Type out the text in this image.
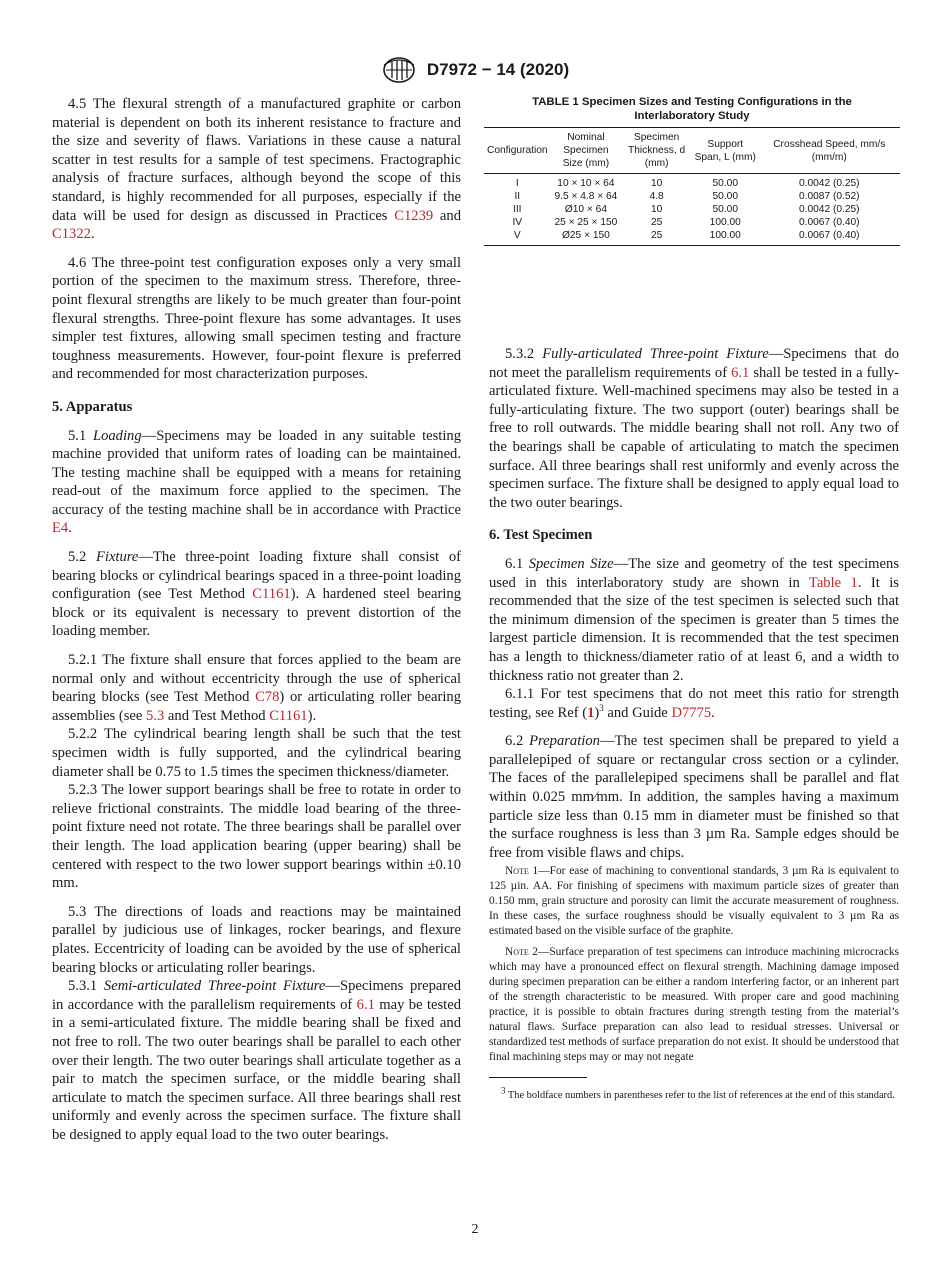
D7972 − 14 (2020)

4.5 The flexural strength of a manufactured graphite or carbon material is dependent on both its inherent resistance to fracture and the size and severity of flaws. Variations in these cause a natural scatter in test results for a sample of test specimens. Fractographic analysis of fracture surfaces, although beyond the scope of this standard, is highly recommended for all purposes, especially if the data will be used for design as discussed in Practices C1239 and C1322.

4.6 The three-point test configuration exposes only a very small portion of the specimen to the maximum stress. Therefore, three-point flexural strengths are likely to be much greater than four-point flexural strengths. Three-point flexure has some advantages. It uses simpler test fixtures, allowing small specimen testing and fracture toughness measurements. However, four-point flexure is preferred and recommended for most characterization purposes.

5. Apparatus

5.1 Loading—Specimens may be loaded in any suitable testing machine provided that uniform rates of loading can be maintained. The testing machine shall be equipped with a means for retaining read-out of the maximum force applied to the specimen. The accuracy of the testing machine shall be in accordance with Practice E4.

5.2 Fixture—The three-point loading fixture shall consist of bearing blocks or cylindrical bearings spaced in a three-point loading configuration (see Test Method C1161). A hardened steel bearing block or its equivalent is necessary to prevent distortion of the loading member.

5.2.1 The fixture shall ensure that forces applied to the beam are normal only and without eccentricity through the use of spherical bearing blocks (see Test Method C78) or articulating roller bearing assemblies (see 5.3 and Test Method C1161).

5.2.2 The cylindrical bearing length shall be such that the test specimen width is fully supported, and the cylindrical bearing diameter shall be 0.75 to 1.5 times the specimen thickness/diameter.

5.2.3 The lower support bearings shall be free to rotate in order to relieve frictional constraints. The middle load bearing of the three-point fixture need not rotate. The three bearings shall be parallel over their length. The load application bearing (upper bearing) shall be centered with respect to the two lower support bearings within ±0.10 mm.

5.3 The directions of loads and reactions may be maintained parallel by judicious use of linkages, rocker bearings, and flexure plates. Eccentricity of loading can be avoided by the use of spherical bearing blocks or articulating roller bearings.

5.3.1 Semi-articulated Three-point Fixture—Specimens prepared in accordance with the parallelism requirements of 6.1 may be tested in a semi-articulated fixture. The middle bearing shall be fixed and not free to roll. The two outer bearings shall be parallel to each other over their length. The two outer bearings shall articulate together as a pair to match the specimen surface, or the middle bearing shall articulate to match the specimen surface. All three bearings shall rest uniformly and evenly across the specimen surface. The fixture shall be designed to apply equal load to the two outer bearings.

TABLE 1 Specimen Sizes and Testing Configurations in the Interlaboratory Study

Configuration	Nominal Specimen Size (mm)	Specimen Thickness, d (mm)	Support Span, L (mm)	Crosshead Speed, mm/s (mm/m)
I	10 × 10 × 64	10	50.00	0.0042 (0.25)
II	9.5 × 4.8 × 64	4.8	50.00	0.0087 (0.52)
III	Ø10 × 64	10	50.00	0.0042 (0.25)
IV	25 × 25 × 150	25	100.00	0.0067 (0.40)
V	Ø25 × 150	25	100.00	0.0067 (0.40)

5.3.2 Fully-articulated Three-point Fixture—Specimens that do not meet the parallelism requirements of 6.1 shall be tested in a fully-articulated fixture. Well-machined specimens may also be tested in a fully-articulating fixture. The two support (outer) bearings shall be free to roll outwards. The middle bearing shall not roll. Any two of the bearings shall be capable of articulating to match the specimen surface. All three bearings shall rest uniformly and evenly across the specimen surface. The fixture shall be designed to apply equal load to the two outer bearings.

6. Test Specimen

6.1 Specimen Size—The size and geometry of the test specimens used in this interlaboratory study are shown in Table 1. It is recommended that the size of the test specimen is selected such that the minimum dimension of the specimen is greater than 5 times the largest particle dimension. It is recommended that the test specimen has a length to thickness/diameter ratio of at least 6, and a width to thickness ratio not greater than 2.

6.1.1 For test specimens that do not meet this ratio for strength testing, see Ref $(1)^3$ and Guide D7775.

6.2 Preparation—The test specimen shall be prepared to yield a parallelepiped of square or rectangular cross section or a cylinder. The faces of the parallelepiped specimens shall be parallel and flat within 0.025 mm⁄mm. In addition, the samples having a maximum particle size less than 0.15 mm in diameter must be finished so that the surface roughness is less than 3 µm Ra. Sample edges should be free from visible flaws and chips.

Note 1—For ease of machining to conventional standards, 3 µm Ra is equivalent to 125 µin. AA. For finishing of specimens with maximum particle sizes of greater than 0.150 mm, grain structure and porosity can limit the accurate measurement of roughness. In these cases, the surface roughness should be visually equivalent to 3 µm Ra as estimated based on the visible surface of the graphite.

Note 2—Surface preparation of test specimens can introduce machining microcracks which may have a pronounced effect on flexural strength. Machining damage imposed during specimen preparation can be either a random interfering factor, or an inherent part of the strength characteristic to be measured. With proper care and good machining practice, it is possible to obtain fractures during strength testing from the material’s natural flaws. Surface preparation can also lead to residual stresses. Universal or standardized test methods of surface preparation do not exist. It should be understood that final machining steps may or may not negate

$^3$ The boldface numbers in parentheses refer to the list of references at the end of this standard.

2
